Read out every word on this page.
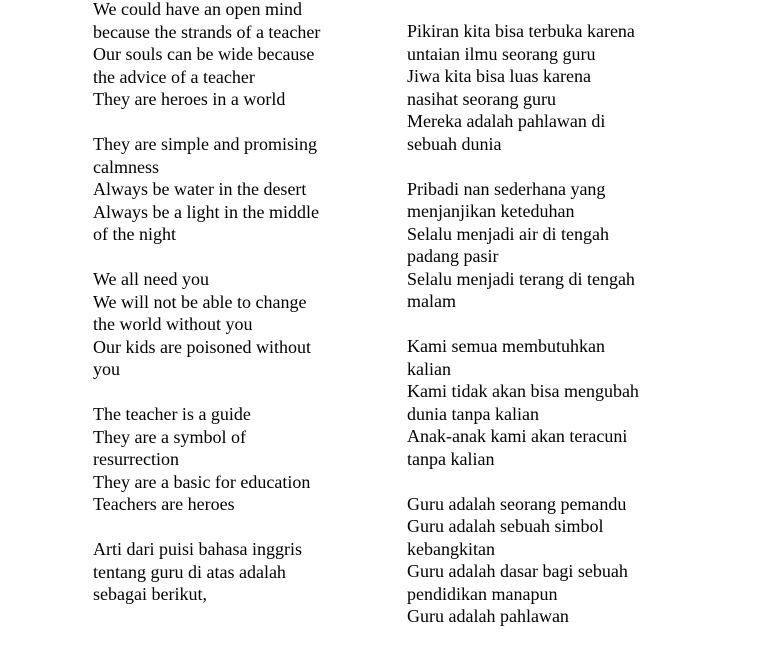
We could have an open mind
because the strands of a teacher
Our souls can be wide because
the advice of a teacher
They are heroes in a world
They are simple and promising
calmness
Always be water in the desert
Always be a light in the middle
of the night
We all need you
We will not be able to change
the world without you
Our kids are poisoned without
you
The teacher is a guide
They are a symbol of
resurrection
They are a basic for education
Teachers are heroes
Arti dari puisi bahasa inggris
tentang guru di atas adalah
sebagai berikut,
Pikiran kita bisa terbuka karena
untaian ilmu seorang guru
Jiwa kita bisa luas karena
nasihat seorang guru
Mereka adalah pahlawan di
sebuah dunia
Pribadi nan sederhana yang
menjanjikan keteduhan
Selalu menjadi air di tengah
padang pasir
Selalu menjadi terang di tengah
malam
Kami semua membutuhkan
kalian
Kami tidak akan bisa mengubah
dunia tanpa kalian
Anak-anak kami akan teracuni
tanpa kalian
Guru adalah seorang pemandu
Guru adalah sebuah simbol
kebangkitan
Guru adalah dasar bagi sebuah
pendidikan manapun
Guru adalah pahlawan
